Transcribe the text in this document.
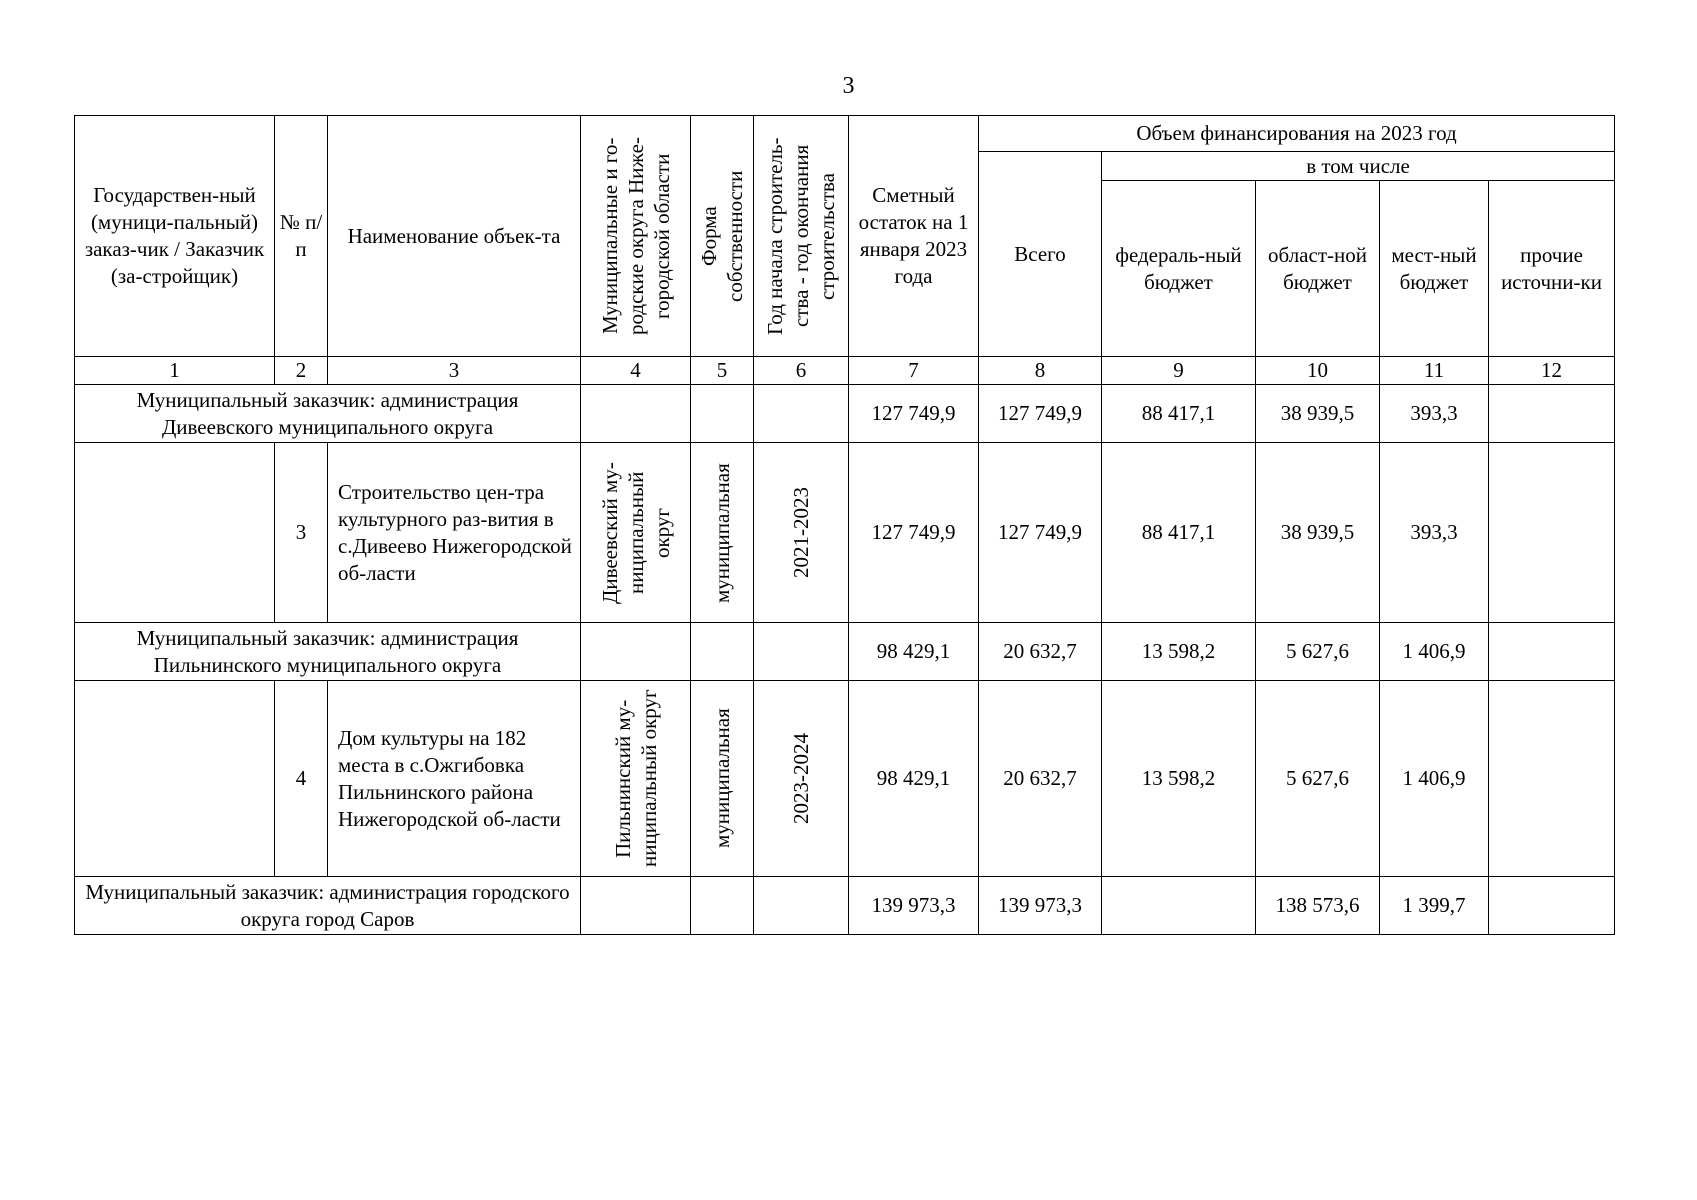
3
Государствен-ный (муници-пальный) заказ-чик / Заказчик (за-стройщик)	№ п/п	Наименование объек-та	Муниципальные и го-родские округа Ниже-городской области	Форма собственности	Год начала строитель-ства - год окончания строительства	Сметный остаток на 1 января 2023 года	Объем финансирования на 2023 год				
							Всего	в том числе			
								федераль-ный бюджет	област-ной бюджет	мест-ный бюджет	прочие источни-ки
1	2	3	4	5	6	7	8	9	10	11	12
Муниципальный заказчик: администрация Дивеевского муниципального округа						127 749,9	127 749,9	88 417,1	38 939,5	393,3	
	3	Строительство цен-тра культурного раз-вития в с.Дивеево Нижегородской об-ласти	Дивеевский му-ниципальный округ	муниципальная	2021-2023	127 749,9	127 749,9	88 417,1	38 939,5	393,3	
Муниципальный заказчик: администрация Пильнинского муниципального округа						98 429,1	20 632,7	13 598,2	5 627,6	1 406,9	
	4	Дом культуры на 182 места в с.Ожгибовка Пильнинского района Нижегородской об-ласти	Пильнинский му-ниципальный округ	муниципальная	2023-2024	98 429,1	20 632,7	13 598,2	5 627,6	1 406,9	
Муниципальный заказчик: администрация городского округа город Саров						139 973,3	139 973,3		138 573,6	1 399,7	
